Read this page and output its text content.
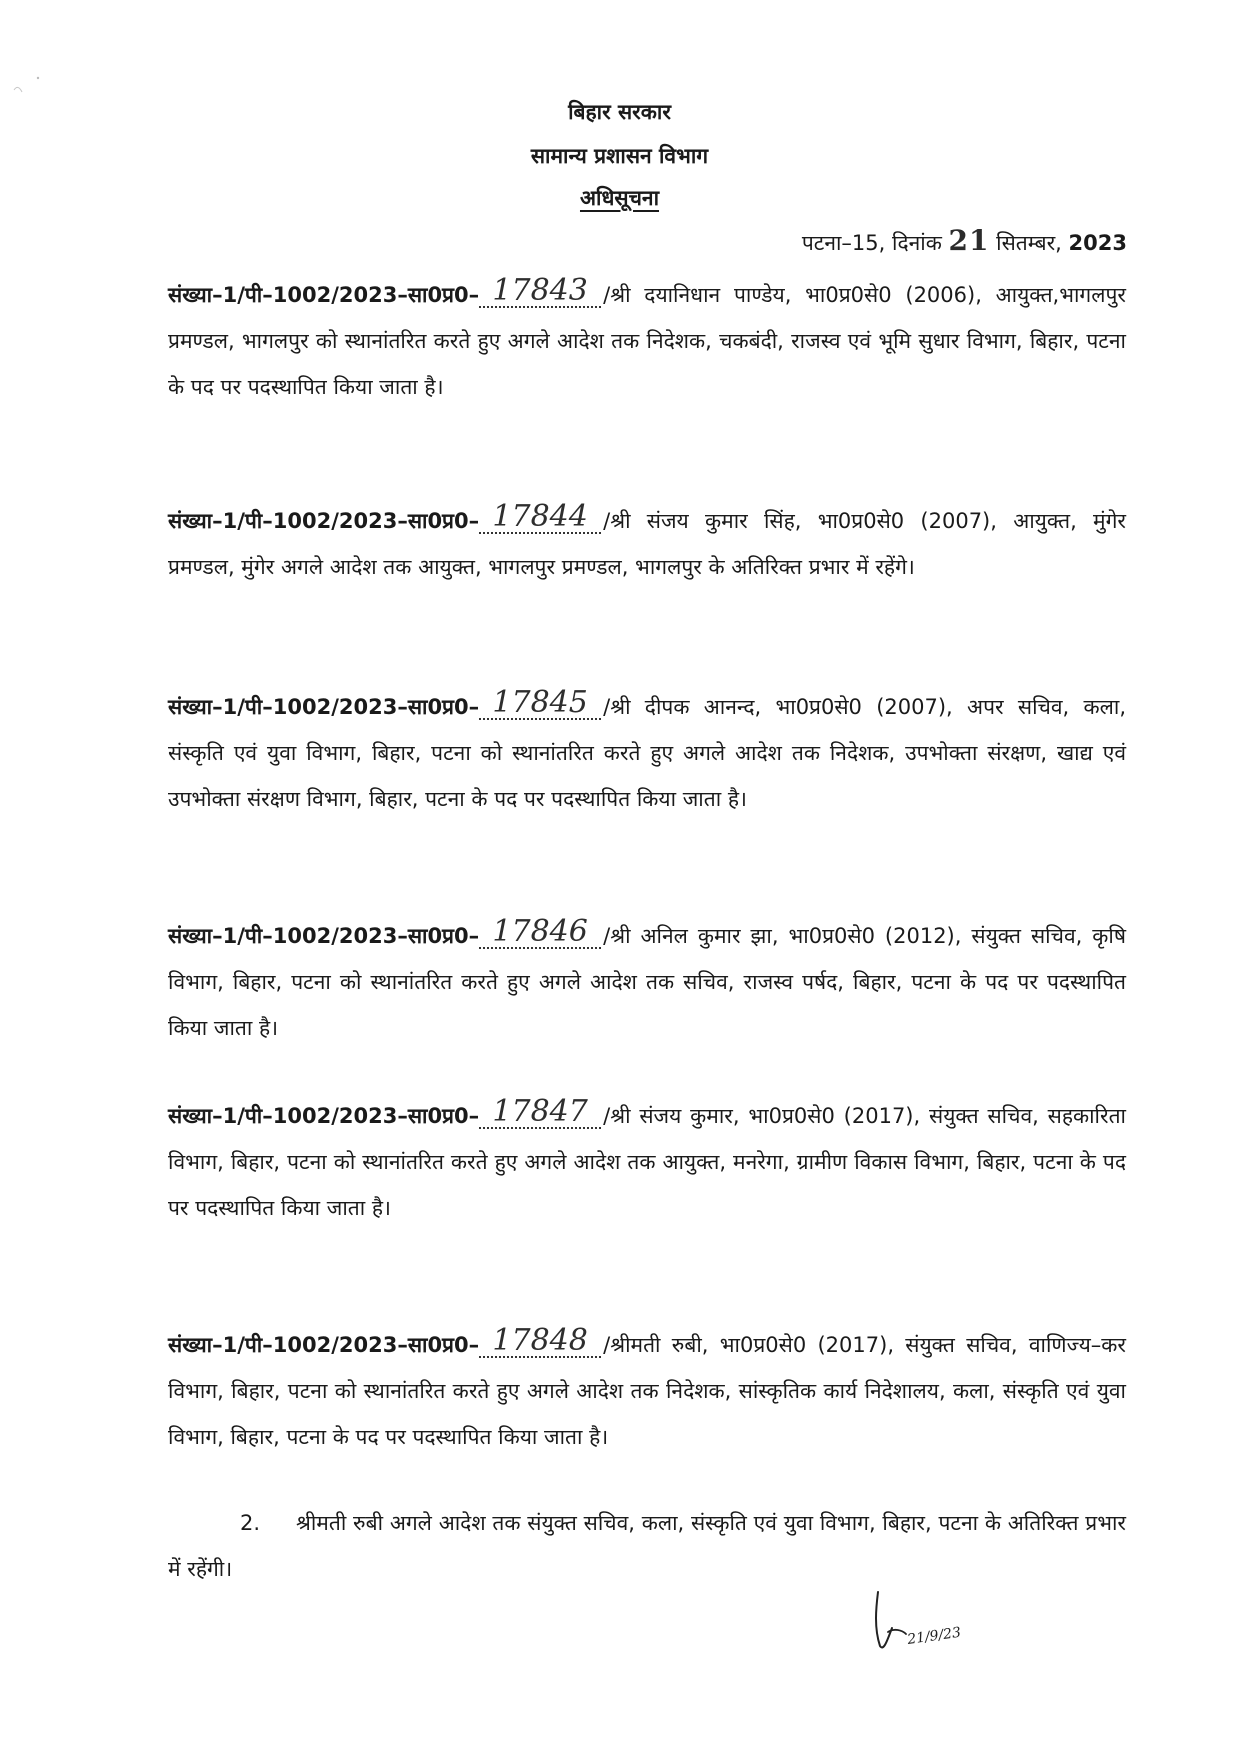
बिहार सरकार
सामान्य प्रशासन विभाग
अधिसूचना
पटना–15, दिनांक 21 सितम्बर, 2023
संख्या–1/पी–1002/2023–सा0प्र0– 17843 /श्री दयानिधान पाण्डेय, भा0प्र0से0 (2006), आयुक्त,भागलपुर प्रमण्डल, भागलपुर को स्थानांतरित करते हुए अगले आदेश तक निदेशक, चकबंदी, राजस्व एवं भूमि सुधार विभाग, बिहार, पटना के पद पर पदस्थापित किया जाता है।
संख्या–1/पी–1002/2023–सा0प्र0– 17844 /श्री संजय कुमार सिंह, भा0प्र0से0 (2007), आयुक्त, मुंगेर प्रमण्डल, मुंगेर अगले आदेश तक आयुक्त, भागलपुर प्रमण्डल, भागलपुर के अतिरिक्त प्रभार में रहेंगे।
संख्या–1/पी–1002/2023–सा0प्र0– 17845 /श्री दीपक आनन्द, भा0प्र0से0 (2007), अपर सचिव, कला, संस्कृति एवं युवा विभाग, बिहार, पटना को स्थानांतरित करते हुए अगले आदेश तक निदेशक, उपभोक्ता संरक्षण, खाद्य एवं उपभोक्ता संरक्षण विभाग, बिहार, पटना के पद पर पदस्थापित किया जाता है।
संख्या–1/पी–1002/2023–सा0प्र0– 17846 /श्री अनिल कुमार झा, भा0प्र0से0 (2012), संयुक्त सचिव, कृषि विभाग, बिहार, पटना को स्थानांतरित करते हुए अगले आदेश तक सचिव, राजस्व पर्षद, बिहार, पटना के पद पर पदस्थापित किया जाता है।
संख्या–1/पी–1002/2023–सा0प्र0– 17847 /श्री संजय कुमार, भा0प्र0से0 (2017), संयुक्त सचिव, सहकारिता विभाग, बिहार, पटना को स्थानांतरित करते हुए अगले आदेश तक आयुक्त, मनरेगा, ग्रामीण विकास विभाग, बिहार, पटना के पद पर पदस्थापित किया जाता है।
संख्या–1/पी–1002/2023–सा0प्र0– 17848 /श्रीमती रुबी, भा0प्र0से0 (2017), संयुक्त सचिव, वाणिज्य–कर विभाग, बिहार, पटना को स्थानांतरित करते हुए अगले आदेश तक निदेशक, सांस्कृतिक कार्य निदेशालय, कला, संस्कृति एवं युवा विभाग, बिहार, पटना के पद पर पदस्थापित किया जाता है।
2. श्रीमती रुबी अगले आदेश तक संयुक्त सचिव, कला, संस्कृति एवं युवा विभाग, बिहार, पटना के अतिरिक्त प्रभार में रहेंगी।
21/9/23
